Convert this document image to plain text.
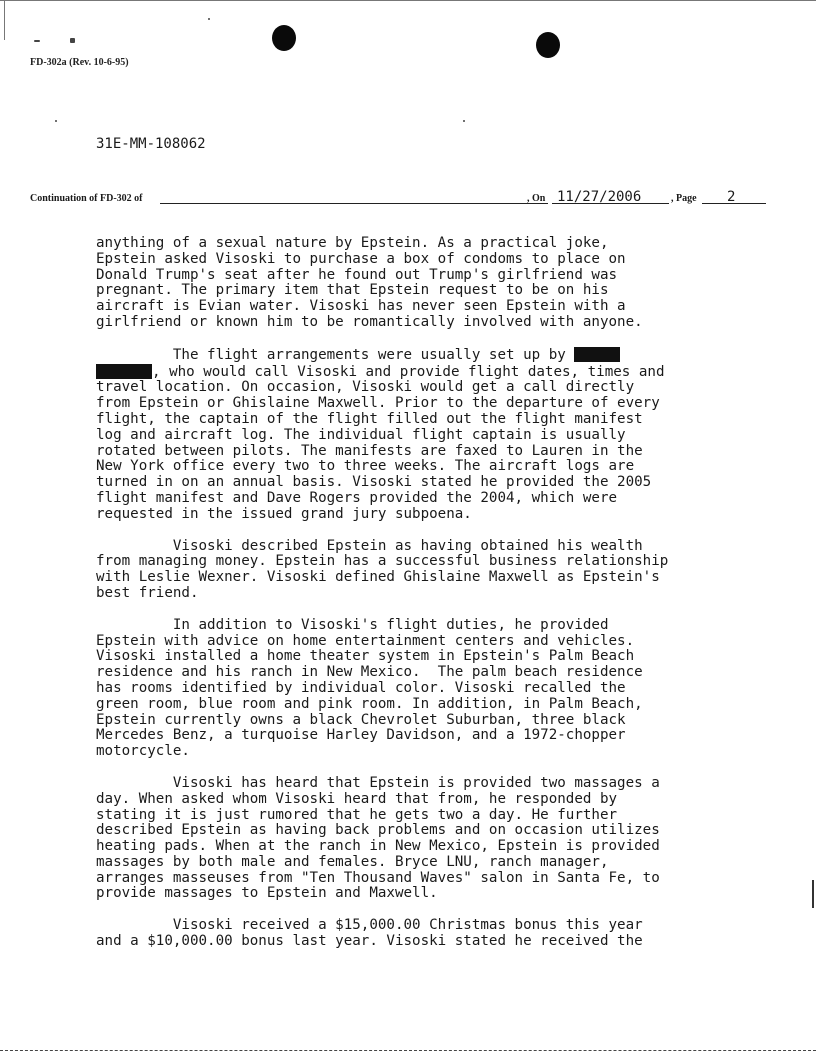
FD-302a (Rev. 10-6-95)
31E-MM-108062
Continuation of FD-302 of	, On 11/27/2006	, Page 2

anything of a sexual nature by Epstein. As a practical joke,
Epstein asked Visoski to purchase a box of condoms to place on
Donald Trump's seat after he found out Trump's girlfriend was
pregnant. The primary item that Epstein request to be on his
aircraft is Evian water. Visoski has never seen Epstein with a
girlfriend or known him to be romantically involved with anyone.

The flight arrangements were usually set up by
, who would call Visoski and provide flight dates, times and
travel location. On occasion, Visoski would get a call directly
from Epstein or Ghislaine Maxwell. Prior to the departure of every
flight, the captain of the flight filled out the flight manifest
log and aircraft log. The individual flight captain is usually
rotated between pilots. The manifests are faxed to Lauren in the
New York office every two to three weeks. The aircraft logs are
turned in on an annual basis. Visoski stated he provided the 2005
flight manifest and Dave Rogers provided the 2004, which were
requested in the issued grand jury subpoena.

Visoski described Epstein as having obtained his wealth
from managing money. Epstein has a successful business relationship
with Leslie Wexner. Visoski defined Ghislaine Maxwell as Epstein's
best friend.

In addition to Visoski's flight duties, he provided
Epstein with advice on home entertainment centers and vehicles.
Visoski installed a home theater system in Epstein's Palm Beach
residence and his ranch in New Mexico.  The palm beach residence
has rooms identified by individual color. Visoski recalled the
green room, blue room and pink room. In addition, in Palm Beach,
Epstein currently owns a black Chevrolet Suburban, three black
Mercedes Benz, a turquoise Harley Davidson, and a 1972-chopper
motorcycle.

Visoski has heard that Epstein is provided two massages a
day. When asked whom Visoski heard that from, he responded by
stating it is just rumored that he gets two a day. He further
described Epstein as having back problems and on occasion utilizes
heating pads. When at the ranch in New Mexico, Epstein is provided
massages by both male and females. Bryce LNU, ranch manager,
arranges masseuses from "Ten Thousand Waves" salon in Santa Fe, to
provide massages to Epstein and Maxwell.

Visoski received a $15,000.00 Christmas bonus this year
and a $10,000.00 bonus last year. Visoski stated he received the
